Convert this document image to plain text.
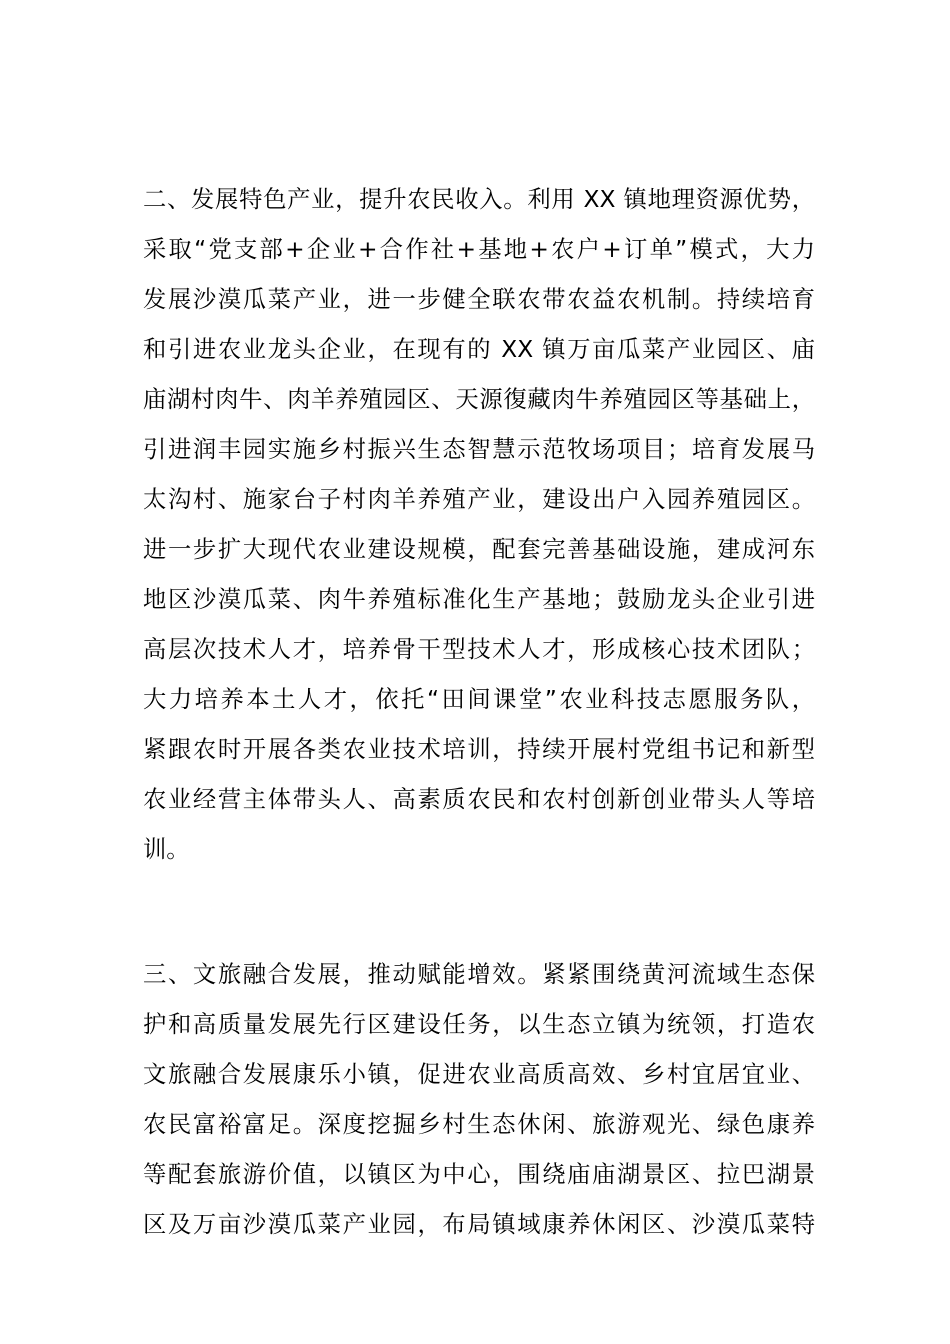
二、发展特色产业，提升农民收入。利用 XX 镇地理资源优势，
采取“党支部+企业+合作社+基地+农户+订单”模式，大力
发展沙漠瓜菜产业，进一步健全联农带农益农机制。持续培育
和引进农业龙头企业，在现有的 XX 镇万亩瓜菜产业园区、庙
庙湖村肉牛、肉羊养殖园区、天源復藏肉牛养殖园区等基础上，
引进润丰园实施乡村振兴生态智慧示范牧场项目；培育发展马
太沟村、施家台子村肉羊养殖产业，建设出户入园养殖园区。
进一步扩大现代农业建设规模，配套完善基础设施，建成河东
地区沙漠瓜菜、肉牛养殖标准化生产基地；鼓励龙头企业引进
高层次技术人才，培养骨干型技术人才，形成核心技术团队；
大力培养本土人才，依托“田间课堂”农业科技志愿服务队，
紧跟农时开展各类农业技术培训，持续开展村党组书记和新型
农业经营主体带头人、高素质农民和农村创新创业带头人等培
训。
三、文旅融合发展，推动赋能增效。紧紧围绕黄河流域生态保
护和高质量发展先行区建设任务，以生态立镇为统领，打造农
文旅融合发展康乐小镇，促进农业高质高效、乡村宜居宜业、
农民富裕富足。深度挖掘乡村生态休闲、旅游观光、绿色康养
等配套旅游价值，以镇区为中心，围绕庙庙湖景区、拉巴湖景
区及万亩沙漠瓜菜产业园，布局镇域康养休闲区、沙漠瓜菜特
